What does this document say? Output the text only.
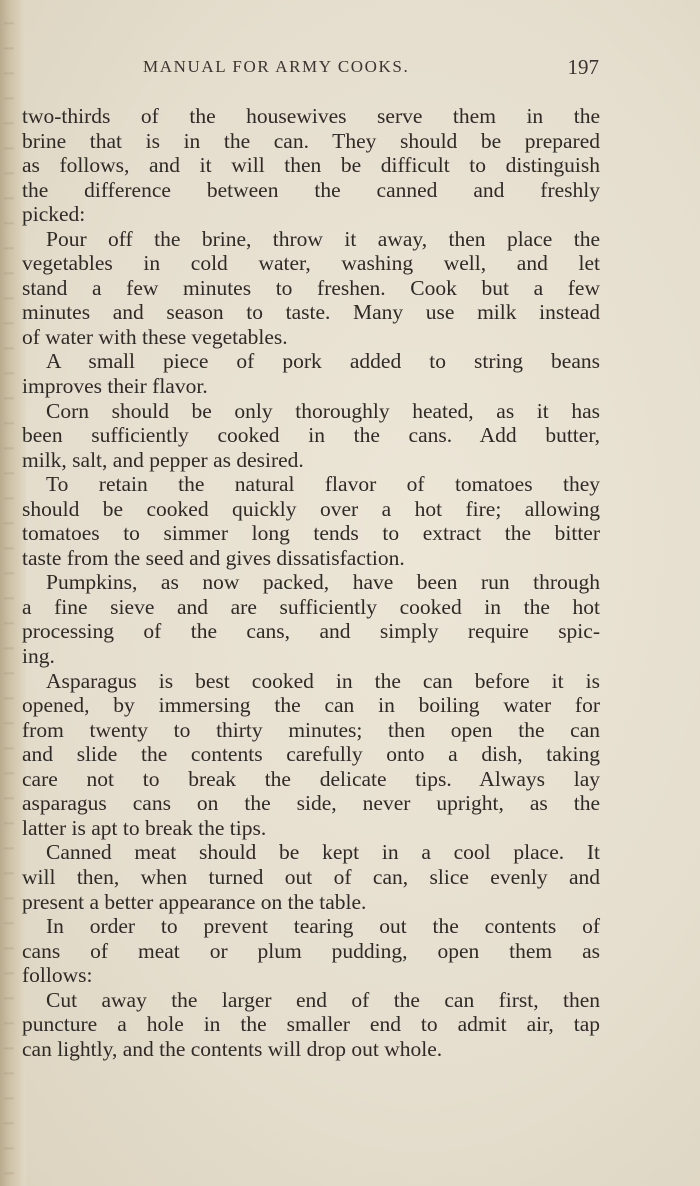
MANUAL FOR ARMY COOKS.	197
two-thirds of the housewives serve them in the
brine that is in the can. They should be prepared
as follows, and it will then be difficult to distinguish
the difference between the canned and freshly
picked:
Pour off the brine, throw it away, then place the
vegetables in cold water, washing well, and let
stand a few minutes to freshen. Cook but a few
minutes and season to taste. Many use milk instead
of water with these vegetables.
A small piece of pork added to string beans
improves their flavor.
Corn should be only thoroughly heated, as it has
been sufficiently cooked in the cans. Add butter,
milk, salt, and pepper as desired.
To retain the natural flavor of tomatoes they
should be cooked quickly over a hot fire; allowing
tomatoes to simmer long tends to extract the bitter
taste from the seed and gives dissatisfaction.
Pumpkins, as now packed, have been run through
a fine sieve and are sufficiently cooked in the hot
processing of the cans, and simply require spic-
ing.
Asparagus is best cooked in the can before it is
opened, by immersing the can in boiling water for
from twenty to thirty minutes; then open the can
and slide the contents carefully onto a dish, taking
care not to break the delicate tips. Always lay
asparagus cans on the side, never upright, as the
latter is apt to break the tips.
Canned meat should be kept in a cool place. It
will then, when turned out of can, slice evenly and
present a better appearance on the table.
In order to prevent tearing out the contents of
cans of meat or plum pudding, open them as
follows:
Cut away the larger end of the can first, then
puncture a hole in the smaller end to admit air, tap
can lightly, and the contents will drop out whole.
